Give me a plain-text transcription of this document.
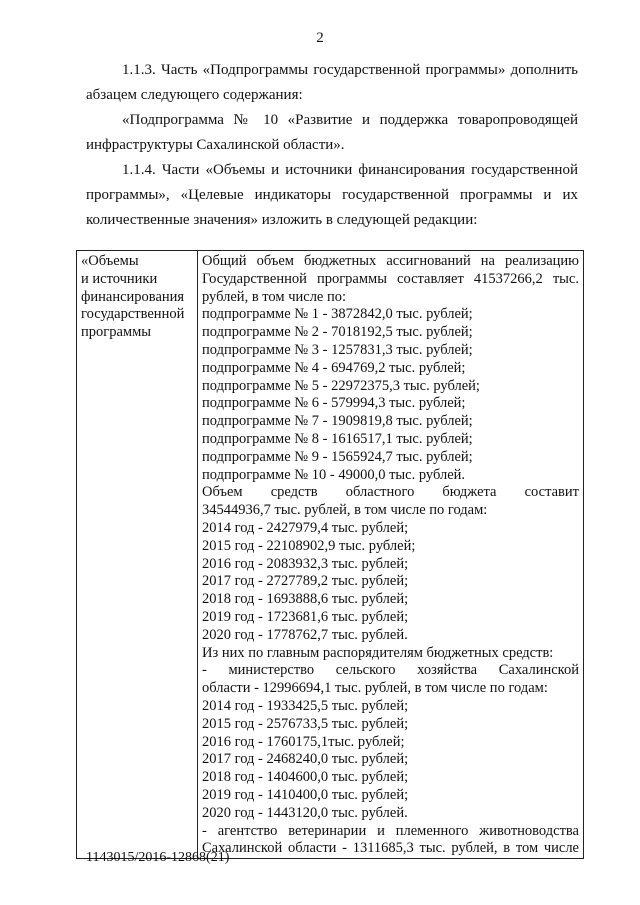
2

1.1.3. Часть «Подпрограммы государственной программы» дополнить абзацем следующего содержания:

«Подпрограмма № 10 «Развитие и поддержка товаропроводящей инфраструктуры Сахалинской области».

1.1.4. Части «Объемы и источники финансирования государственной программы», «Целевые индикаторы государственной программы и их количественные значения» изложить в следующей редакции:

«Объемы
и источники
финансирования
государственной
программы

Общий объем бюджетных ассигнований на реализацию
Государственной программы составляет 41537266,2 тыс.
рублей, в том числе по:
подпрограмме № 1 - 3872842,0 тыс. рублей;
подпрограмме № 2 - 7018192,5 тыс. рублей;
подпрограмме № 3 - 1257831,3 тыс. рублей;
подпрограмме № 4 - 694769,2 тыс. рублей;
подпрограмме № 5 - 22972375,3 тыс. рублей;
подпрограмме № 6 - 579994,3 тыс. рублей;
подпрограмме № 7 - 1909819,8 тыс. рублей;
подпрограмме № 8 - 1616517,1 тыс. рублей;
подпрограмме № 9 - 1565924,7 тыс. рублей;
подпрограмме № 10 - 49000,0 тыс. рублей.
Объем средств областного бюджета составит
34544936,7 тыс. рублей, в том числе по годам:
2014 год - 2427979,4 тыс. рублей;
2015 год - 22108902,9 тыс. рублей;
2016 год - 2083932,3 тыс. рублей;
2017 год - 2727789,2 тыс. рублей;
2018 год - 1693888,6 тыс. рублей;
2019 год - 1723681,6 тыс. рублей;
2020 год - 1778762,7 тыс. рублей.
Из них по главным распорядителям бюджетных средств:
- министерство сельского хозяйства Сахалинской
области - 12996694,1 тыс. рублей, в том числе по годам:
2014 год - 1933425,5 тыс. рублей;
2015 год - 2576733,5 тыс. рублей;
2016 год - 1760175,1тыс. рублей;
2017 год - 2468240,0 тыс. рублей;
2018 год - 1404600,0 тыс. рублей;
2019 год - 1410400,0 тыс. рублей;
2020 год - 1443120,0 тыс. рублей.
- агентство ветеринарии и племенного животноводства
Сахалинской области - 1311685,3 тыс. рублей, в том числе
1143015/2016-12868(21)
